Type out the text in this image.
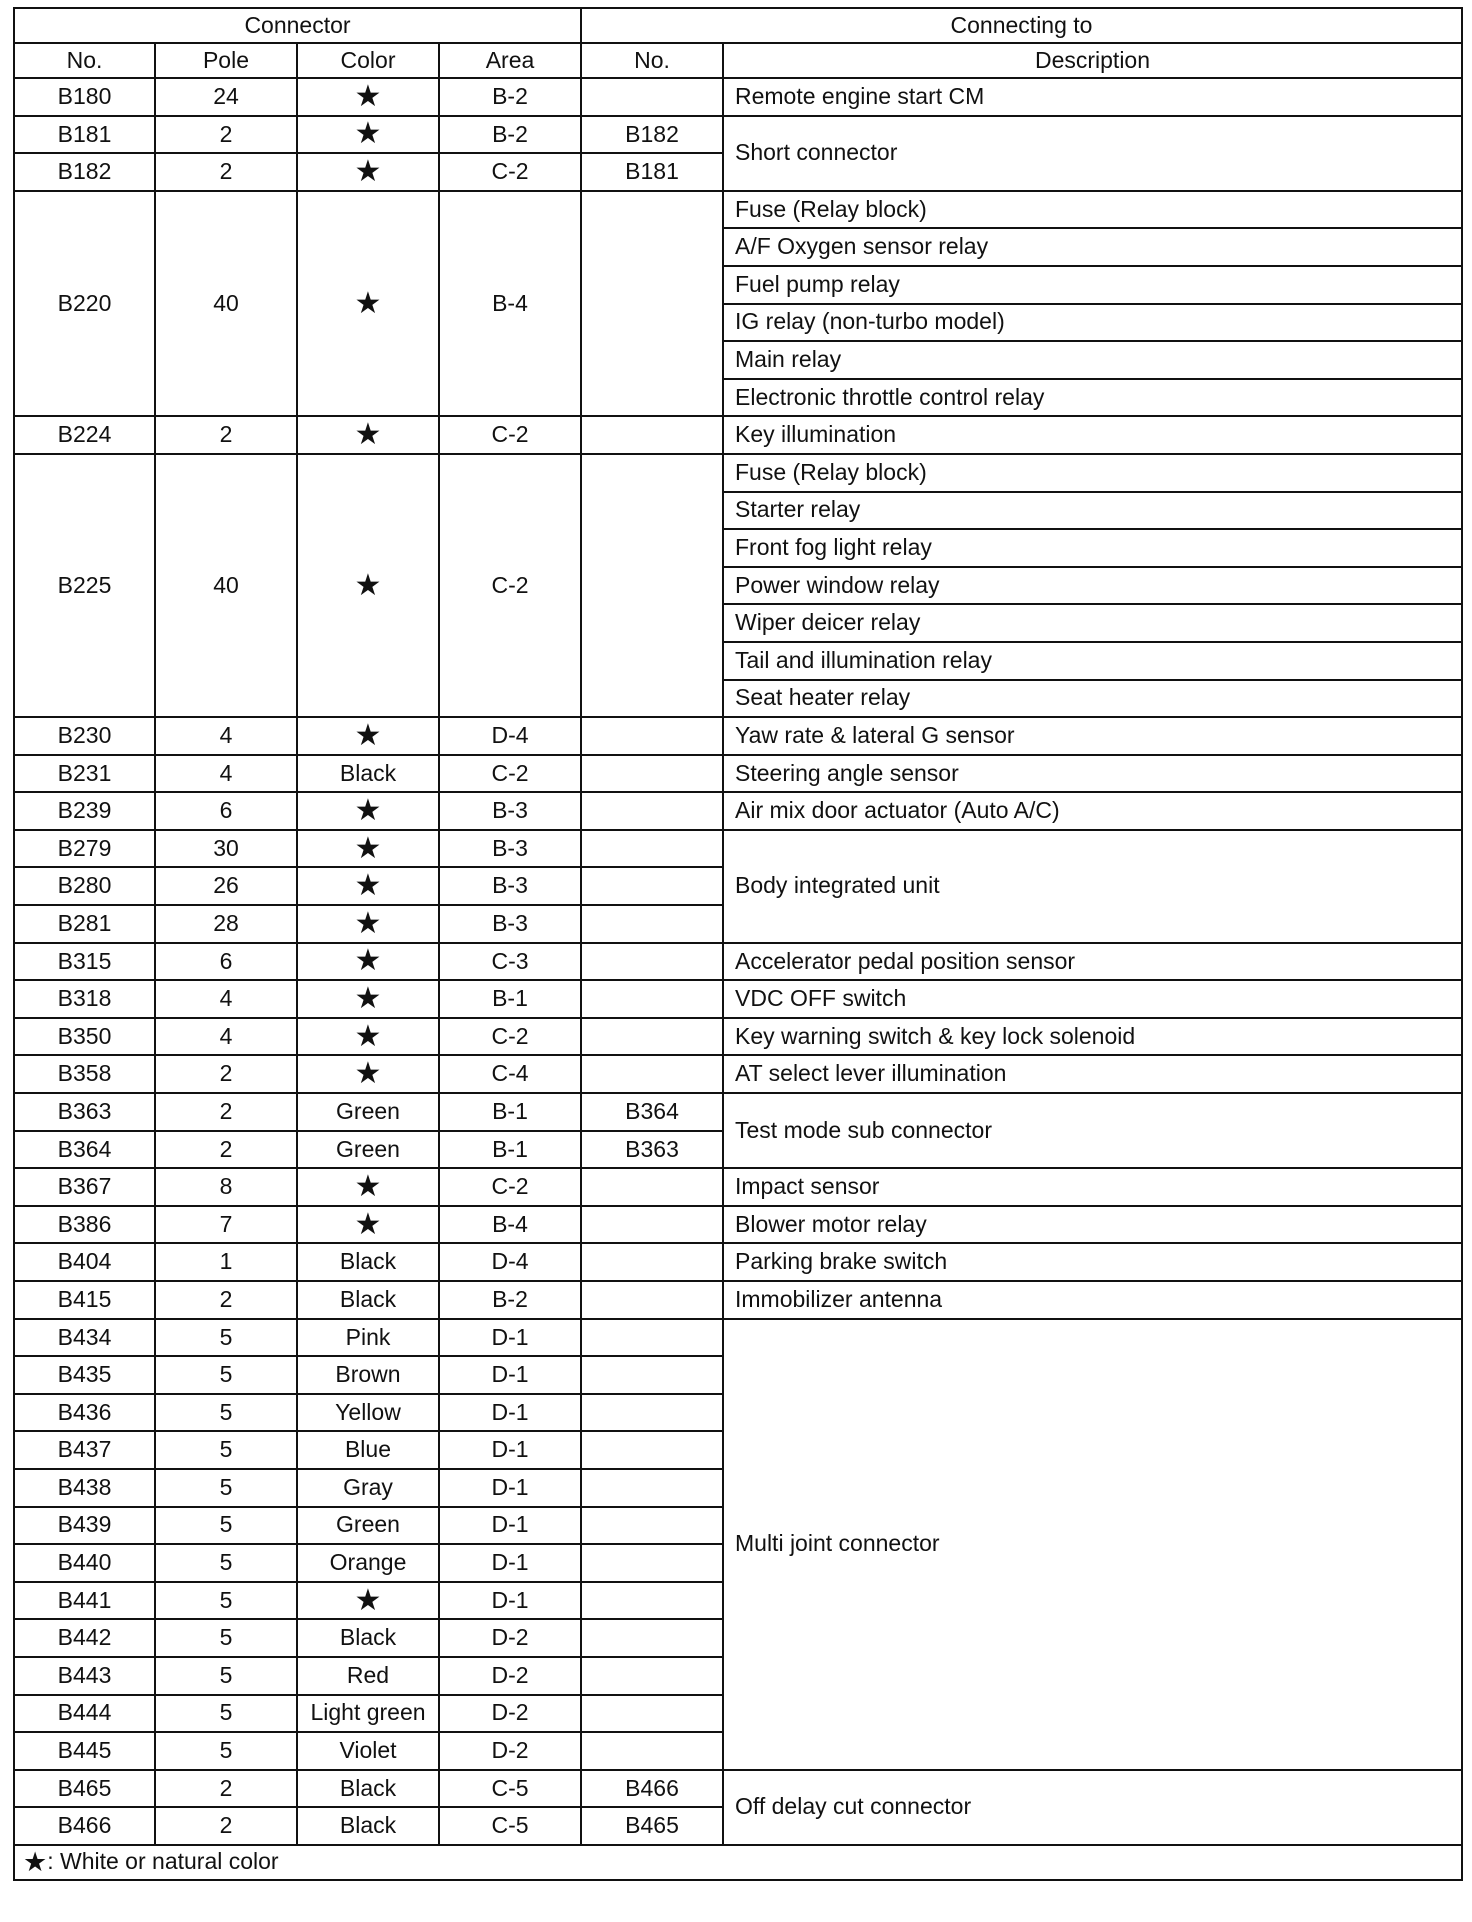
Connector				Connecting to	
No.	Pole	Color	Area	No.	Description
B180	24	★	B-2		Remote engine start CM
B181	2	★	B-2	B182	Short connector
B182	2	★	C-2	B181	
B220	40	★	B-4		Fuse (Relay block)
					A/F Oxygen sensor relay
					Fuel pump relay
					IG relay (non-turbo model)
					Main relay
					Electronic throttle control relay
B224	2	★	C-2		Key illumination
B225	40	★	C-2		Fuse (Relay block)
					Starter relay
					Front fog light relay
					Power window relay
					Wiper deicer relay
					Tail and illumination relay
					Seat heater relay
B230	4	★	D-4		Yaw rate & lateral G sensor
B231	4	Black	C-2		Steering angle sensor
B239	6	★	B-3		Air mix door actuator (Auto A/C)
B279	30	★	B-3		Body integrated unit
B280	26	★	B-3		
B281	28	★	B-3		
B315	6	★	C-3		Accelerator pedal position sensor
B318	4	★	B-1		VDC OFF switch
B350	4	★	C-2		Key warning switch & key lock solenoid
B358	2	★	C-4		AT select lever illumination
B363	2	Green	B-1	B364	Test mode sub connector
B364	2	Green	B-1	B363	
B367	8	★	C-2		Impact sensor
B386	7	★	B-4		Blower motor relay
B404	1	Black	D-4		Parking brake switch
B415	2	Black	B-2		Immobilizer antenna
B434	5	Pink	D-1		Multi joint connector
B435	5	Brown	D-1		
B436	5	Yellow	D-1		
B437	5	Blue	D-1		
B438	5	Gray	D-1		
B439	5	Green	D-1		
B440	5	Orange	D-1		
B441	5	★	D-1		
B442	5	Black	D-2		
B443	5	Red	D-2		
B444	5	Light green	D-2		
B445	5	Violet	D-2		
B465	2	Black	C-5	B466	Off delay cut connector
B466	2	Black	C-5	B465	
★: White or natural color					
